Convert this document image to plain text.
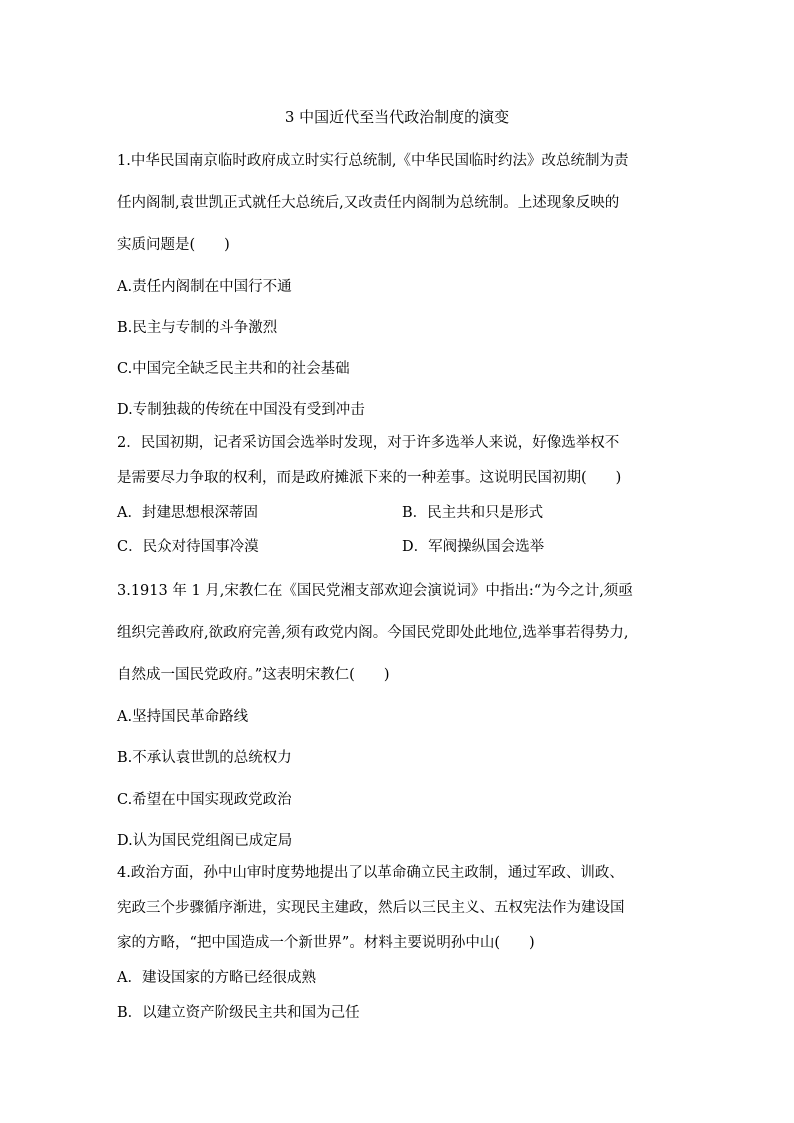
3 中国近代至当代政治制度的演变
1.中华民国南京临时政府成立时实行总统制,《中华民国临时约法》改总统制为责
任内阁制,袁世凯正式就任大总统后,又改责任内阁制为总统制。上述现象反映的
实质问题是(　　)
A.责任内阁制在中国行不通
B.民主与专制的斗争激烈
C.中国完全缺乏民主共和的社会基础
D.专制独裁的传统在中国没有受到冲击
2．民国初期，记者采访国会选举时发现，对于许多选举人来说，好像选举权不
是需要尽力争取的权利，而是政府摊派下来的一种差事。这说明民国初期(　　)
A．封建思想根深蒂固	B．民主共和只是形式
C．民众对待国事冷漠	D．军阀操纵国会选举
3.1913 年 1 月,宋教仁在《国民党湘支部欢迎会演说词》中指出:“为今之计,须亟
组织完善政府,欲政府完善,须有政党内阁。今国民党即处此地位,选举事若得势力,
自然成一国民党政府。”这表明宋教仁(　　)
A.坚持国民革命路线
B.不承认袁世凯的总统权力
C.希望在中国实现政党政治
D.认为国民党组阁已成定局
4.政治方面，孙中山审时度势地提出了以革命确立民主政制，通过军政、训政、
宪政三个步骤循序渐进，实现民主建政，然后以三民主义、五权宪法作为建设国
家的方略，“把中国造成一个新世界”。材料主要说明孙中山(　　)
A．建设国家的方略已经很成熟
B．以建立资产阶级民主共和国为己任
